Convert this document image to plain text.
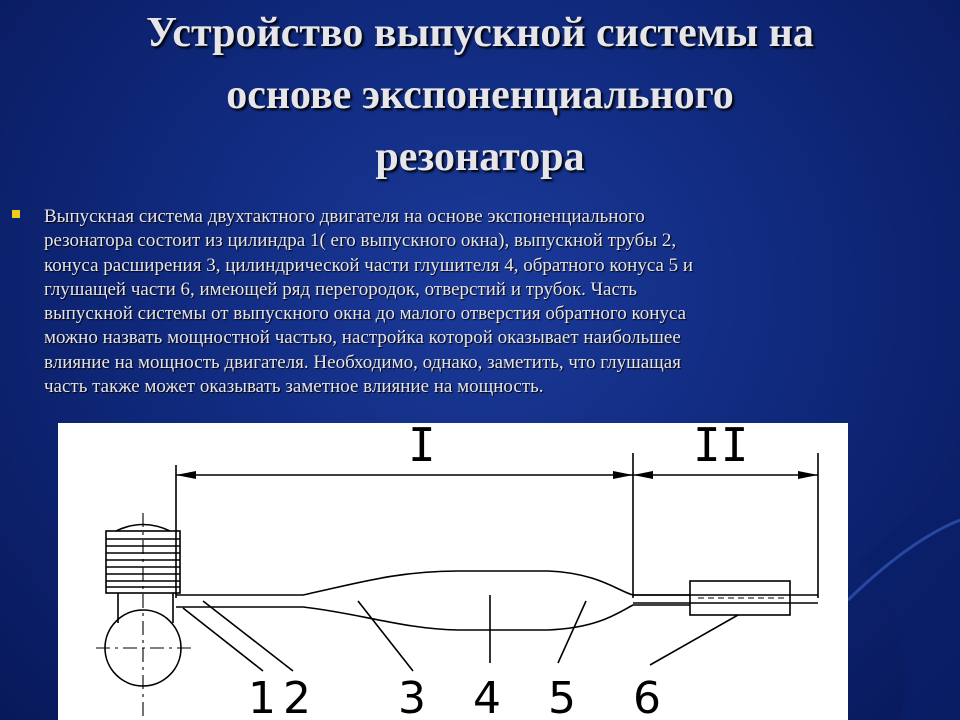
Устройство выпускной системы на
основе экспоненциального
резонатора
Выпускная система двухтактного двигателя на основе экспоненциального
резонатора состоит из цилиндра 1( его выпускного окна), выпускной трубы 2,
конуса расширения 3, цилиндрической части глушителя 4, обратного конуса 5 и
глушащей части 6, имеющей ряд перегородок, отверстий и трубок. Часть
выпускной системы от выпускного окна до малого отверстия обратного конуса
можно назвать мощностной частью, настройка которой оказывает наибольшее
влияние на мощность двигателя. Необходимо, однако, заметить, что глушащая
часть также может оказывать заметное влияние на мощность.
I	II
1 2 3 4 5 6
